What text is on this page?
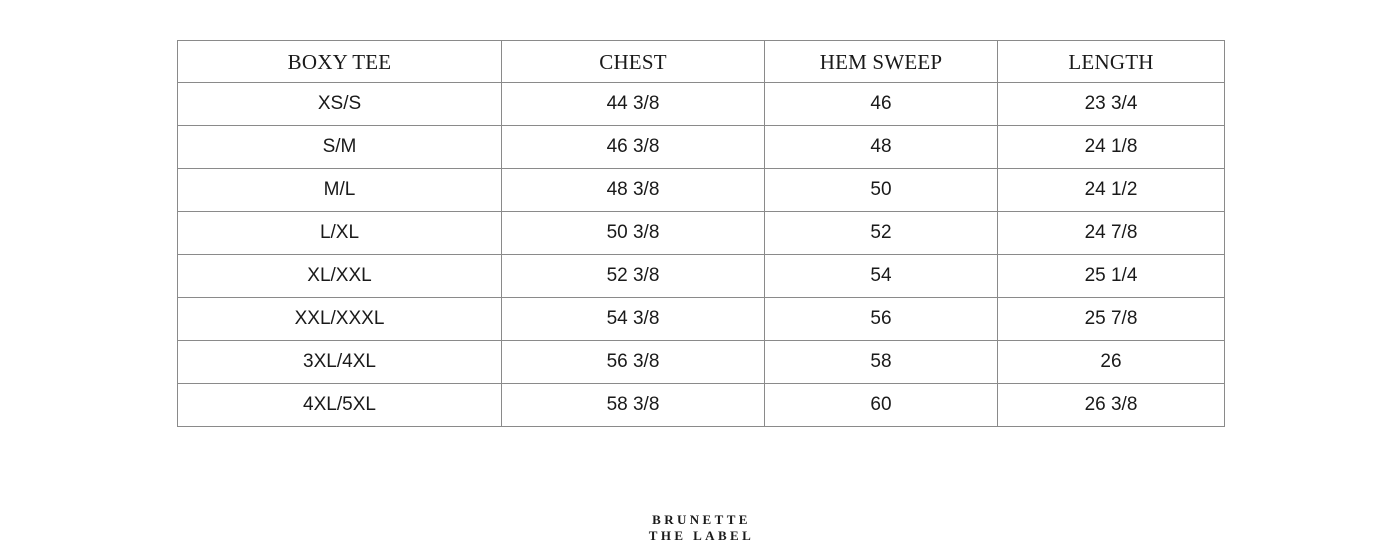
BOXY TEE	CHEST	HEM SWEEP	LENGTH
XS/S	44 3/8	46	23 3/4
S/M	46 3/8	48	24 1/8
M/L	48 3/8	50	24 1/2
L/XL	50 3/8	52	24 7/8
XL/XXL	52 3/8	54	25 1/4
XXL/XXXL	54 3/8	56	25 7/8
3XL/4XL	56 3/8	58	26
4XL/5XL	58 3/8	60	26 3/8
BRUNETTE
THE LABEL
